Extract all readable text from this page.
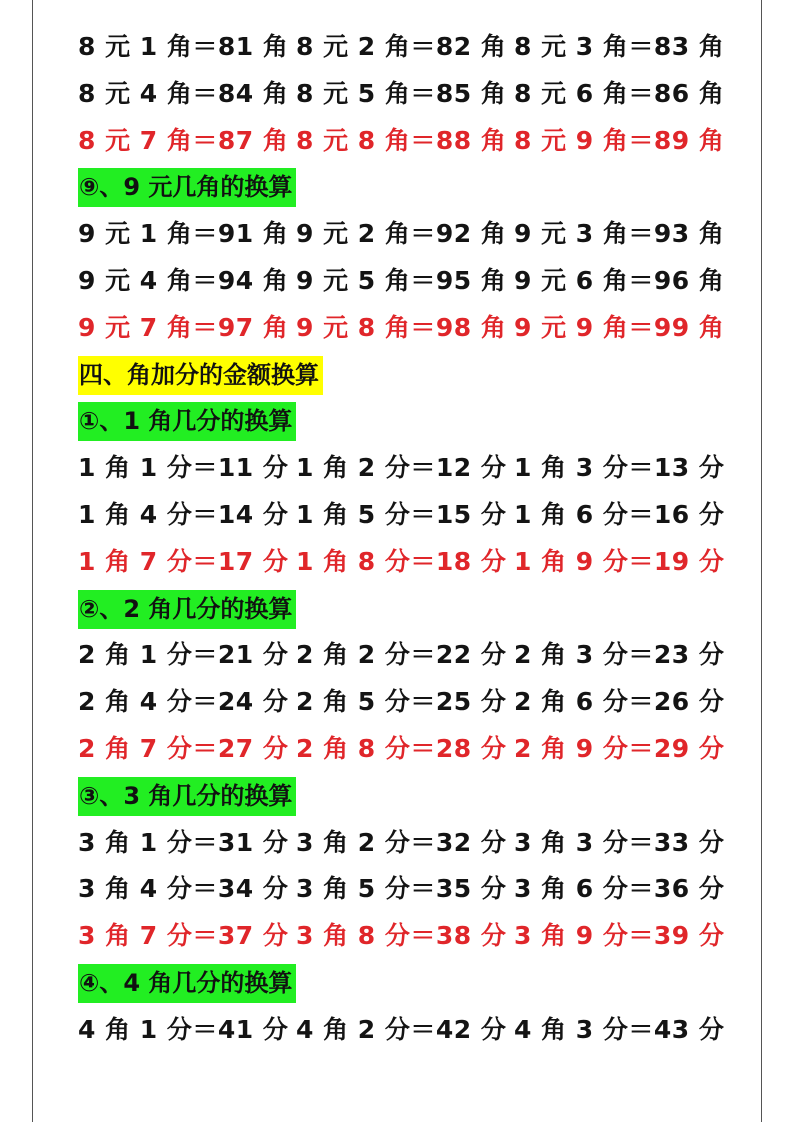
8 元 1 角＝81 角 8 元 2 角＝82 角 8 元 3 角＝83 角
8 元 4 角＝84 角 8 元 5 角＝85 角 8 元 6 角＝86 角
8 元 7 角＝87 角 8 元 8 角＝88 角 8 元 9 角＝89 角
⑨、9 元几角的换算
9 元 1 角＝91 角 9 元 2 角＝92 角 9 元 3 角＝93 角
9 元 4 角＝94 角 9 元 5 角＝95 角 9 元 6 角＝96 角
9 元 7 角＝97 角 9 元 8 角＝98 角 9 元 9 角＝99 角
四、角加分的金额换算
①、1 角几分的换算
1 角 1 分＝11 分 1 角 2 分＝12 分 1 角 3 分＝13 分
1 角 4 分＝14 分 1 角 5 分＝15 分 1 角 6 分＝16 分
1 角 7 分＝17 分 1 角 8 分＝18 分 1 角 9 分＝19 分
②、2 角几分的换算
2 角 1 分＝21 分 2 角 2 分＝22 分 2 角 3 分＝23 分
2 角 4 分＝24 分 2 角 5 分＝25 分 2 角 6 分＝26 分
2 角 7 分＝27 分 2 角 8 分＝28 分 2 角 9 分＝29 分
③、3 角几分的换算
3 角 1 分＝31 分 3 角 2 分＝32 分 3 角 3 分＝33 分
3 角 4 分＝34 分 3 角 5 分＝35 分 3 角 6 分＝36 分
3 角 7 分＝37 分 3 角 8 分＝38 分 3 角 9 分＝39 分
④、4 角几分的换算
4 角 1 分＝41 分 4 角 2 分＝42 分 4 角 3 分＝43 分
